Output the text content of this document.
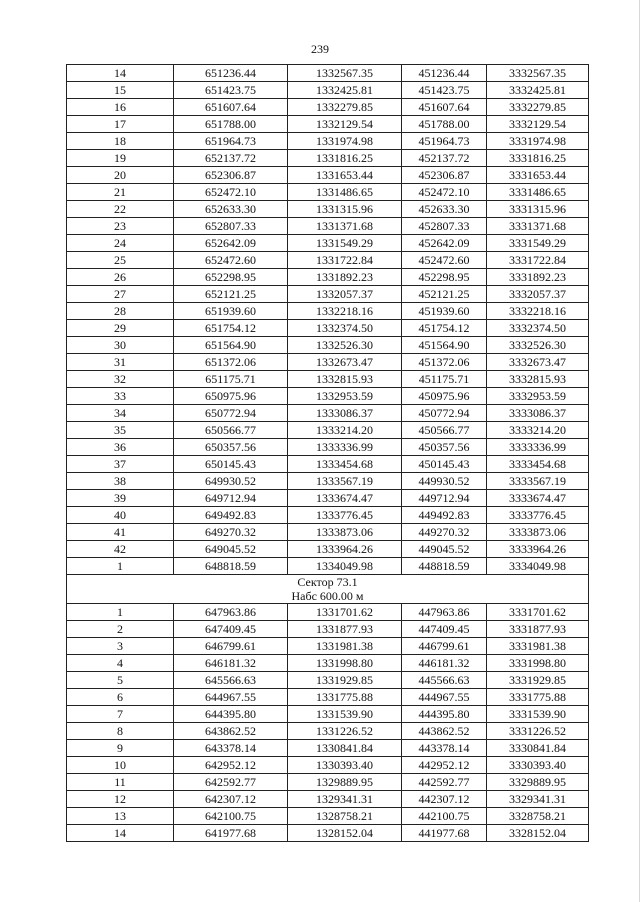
239
14	651236.44	1332567.35	451236.44	3332567.35
15	651423.75	1332425.81	451423.75	3332425.81
16	651607.64	1332279.85	451607.64	3332279.85
17	651788.00	1332129.54	451788.00	3332129.54
18	651964.73	1331974.98	451964.73	3331974.98
19	652137.72	1331816.25	452137.72	3331816.25
20	652306.87	1331653.44	452306.87	3331653.44
21	652472.10	1331486.65	452472.10	3331486.65
22	652633.30	1331315.96	452633.30	3331315.96
23	652807.33	1331371.68	452807.33	3331371.68
24	652642.09	1331549.29	452642.09	3331549.29
25	652472.60	1331722.84	452472.60	3331722.84
26	652298.95	1331892.23	452298.95	3331892.23
27	652121.25	1332057.37	452121.25	3332057.37
28	651939.60	1332218.16	451939.60	3332218.16
29	651754.12	1332374.50	451754.12	3332374.50
30	651564.90	1332526.30	451564.90	3332526.30
31	651372.06	1332673.47	451372.06	3332673.47
32	651175.71	1332815.93	451175.71	3332815.93
33	650975.96	1332953.59	450975.96	3332953.59
34	650772.94	1333086.37	450772.94	3333086.37
35	650566.77	1333214.20	450566.77	3333214.20
36	650357.56	1333336.99	450357.56	3333336.99
37	650145.43	1333454.68	450145.43	3333454.68
38	649930.52	1333567.19	449930.52	3333567.19
39	649712.94	1333674.47	449712.94	3333674.47
40	649492.83	1333776.45	449492.83	3333776.45
41	649270.32	1333873.06	449270.32	3333873.06
42	649045.52	1333964.26	449045.52	3333964.26
1	648818.59	1334049.98	448818.59	3334049.98

Сектор 73.1
Набс 600.00 м				

1	647963.86	1331701.62	447963.86	3331701.62
2	647409.45	1331877.93	447409.45	3331877.93
3	646799.61	1331981.38	446799.61	3331981.38
4	646181.32	1331998.80	446181.32	3331998.80
5	645566.63	1331929.85	445566.63	3331929.85
6	644967.55	1331775.88	444967.55	3331775.88
7	644395.80	1331539.90	444395.80	3331539.90
8	643862.52	1331226.52	443862.52	3331226.52
9	643378.14	1330841.84	443378.14	3330841.84
10	642952.12	1330393.40	442952.12	3330393.40
11	642592.77	1329889.95	442592.77	3329889.95
12	642307.12	1329341.31	442307.12	3329341.31
13	642100.75	1328758.21	442100.75	3328758.21
14	641977.68	1328152.04	441977.68	3328152.04
